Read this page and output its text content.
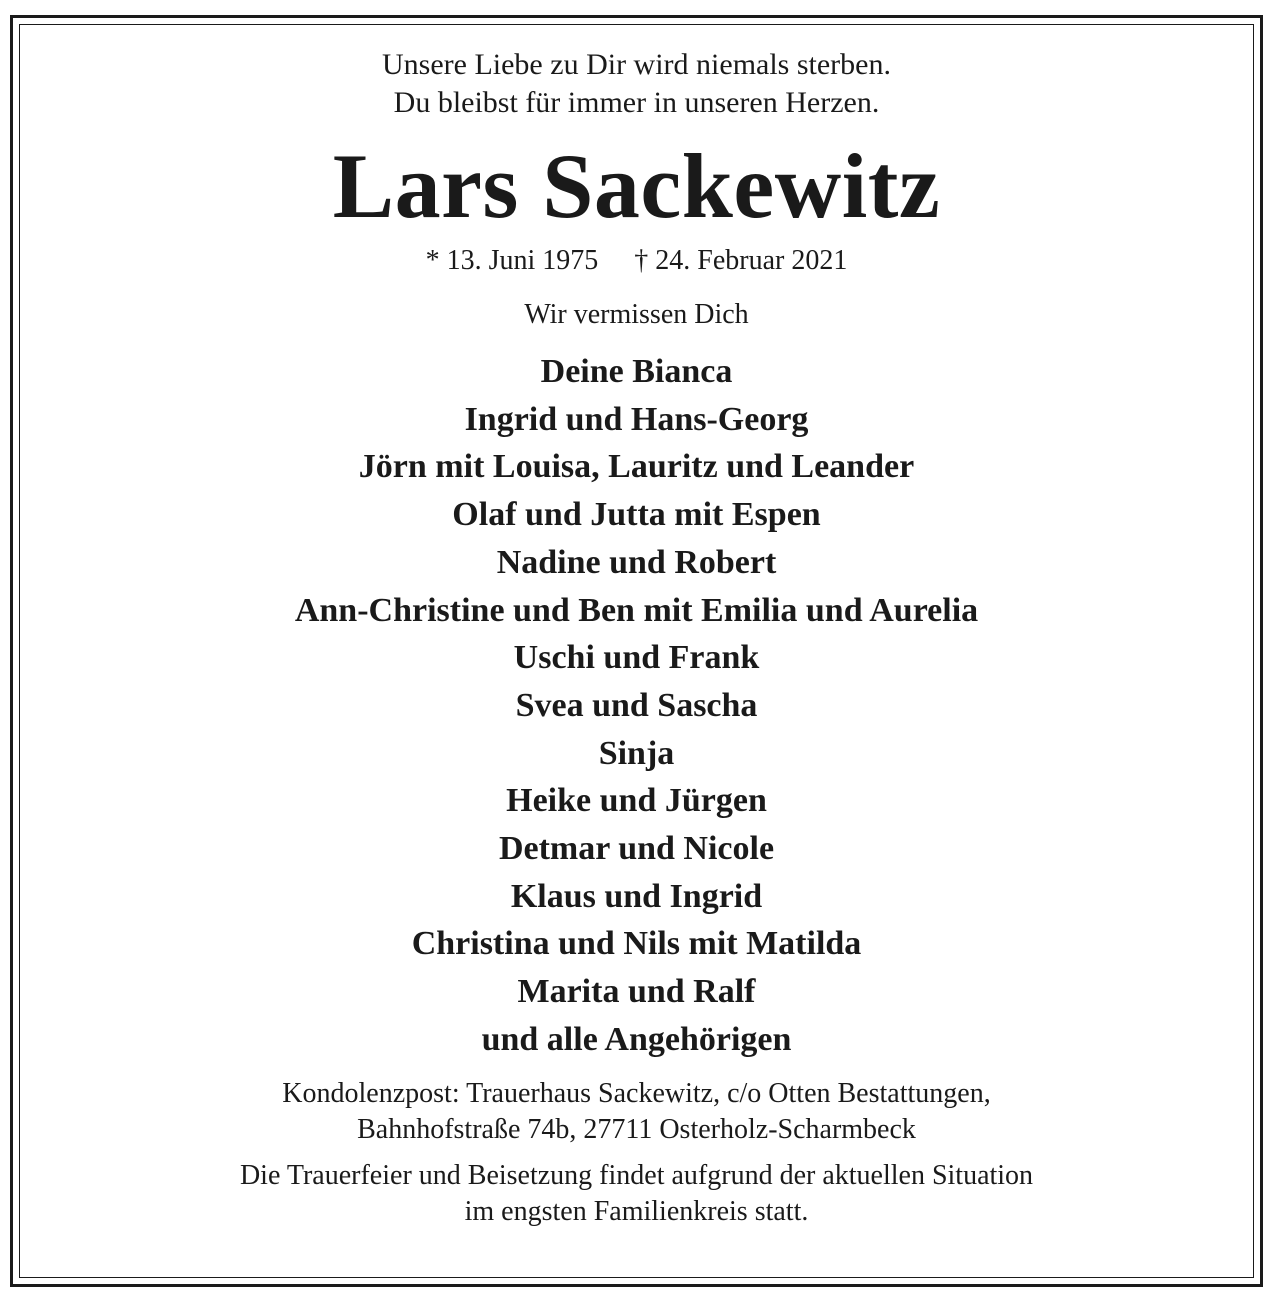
Unsere Liebe zu Dir wird niemals sterben.
Du bleibst für immer in unseren Herzen.
Lars Sackewitz
* 13. Juni 1975 † 24. Februar 2021
Wir vermissen Dich
Deine Bianca
Ingrid und Hans-Georg
Jörn mit Louisa, Lauritz und Leander
Olaf und Jutta mit Espen
Nadine und Robert
Ann-Christine und Ben mit Emilia und Aurelia
Uschi und Frank
Svea und Sascha
Sinja
Heike und Jürgen
Detmar und Nicole
Klaus und Ingrid
Christina und Nils mit Matilda
Marita und Ralf
und alle Angehörigen
Kondolenzpost: Trauerhaus Sackewitz, c/o Otten Bestattungen,
Bahnhofstraße 74b, 27711 Osterholz-Scharmbeck
Die Trauerfeier und Beisetzung findet aufgrund der aktuellen Situation
im engsten Familienkreis statt.
